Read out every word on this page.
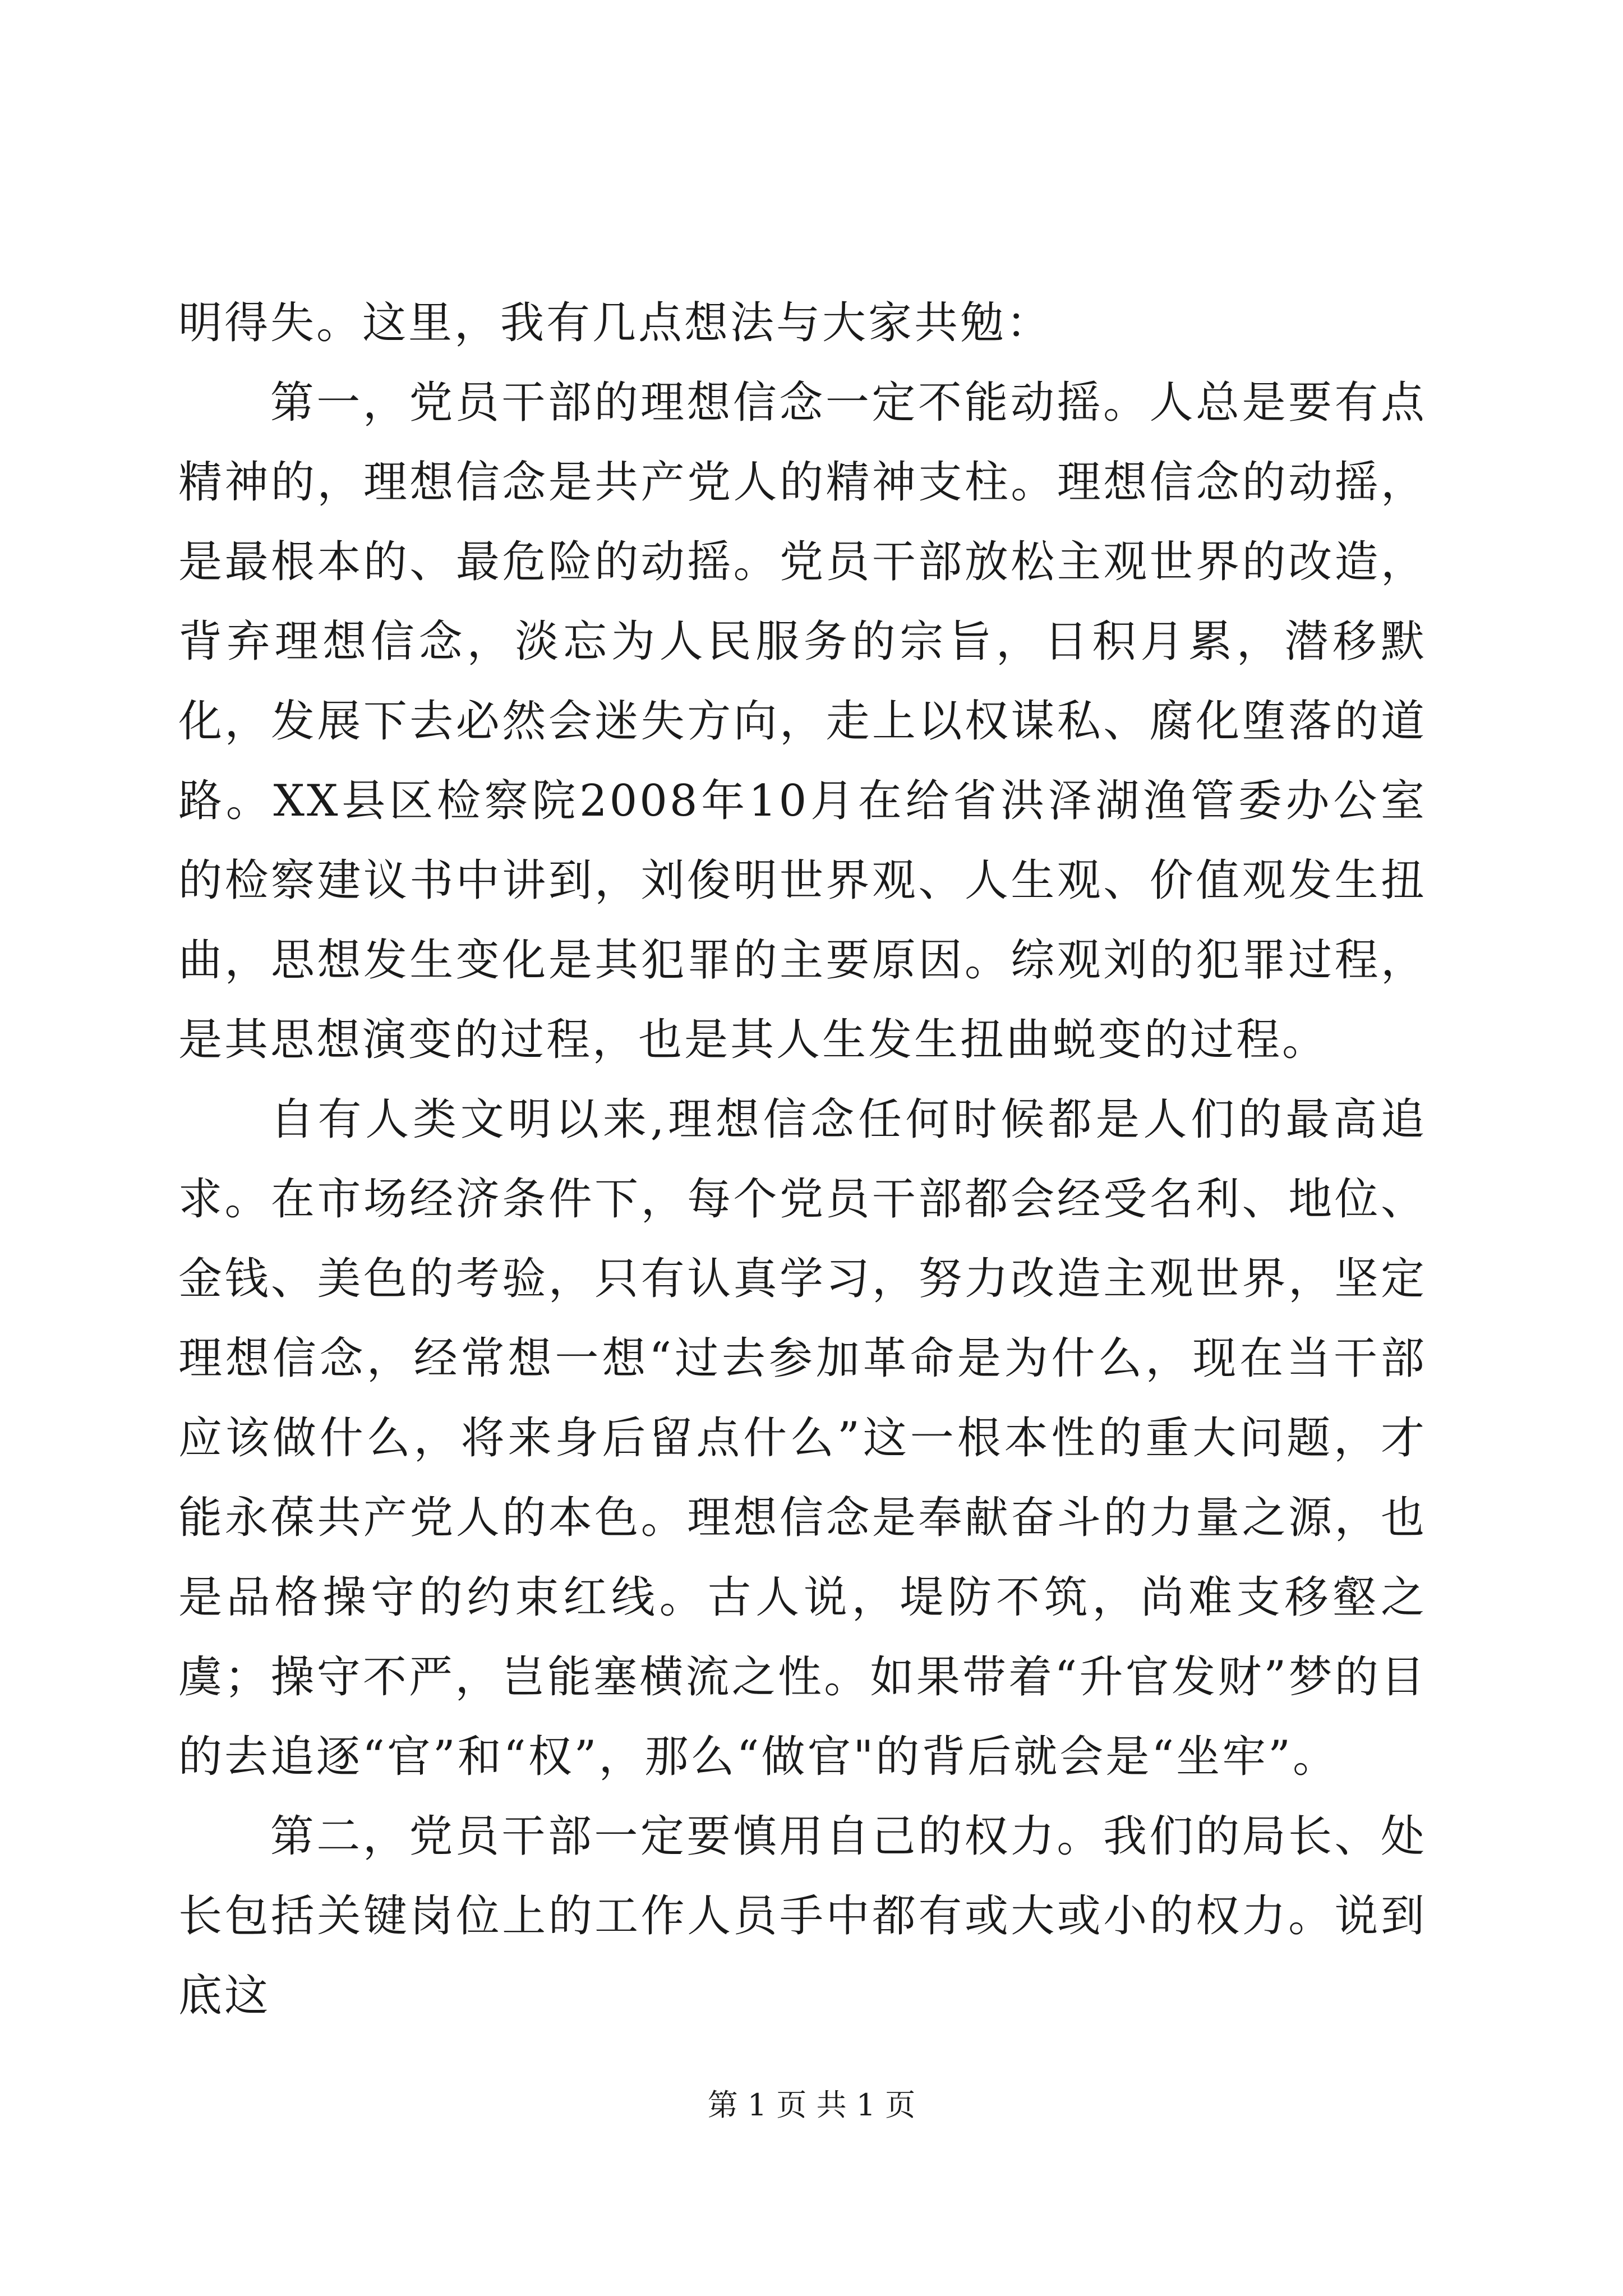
明得失。这里，我有几点想法与大家共勉：

第一，党员干部的理想信念一定不能动摇。人总是要有点精神的，理想信念是共产党人的精神支柱。理想信念的动摇，是最根本的、最危险的动摇。党员干部放松主观世界的改造，背弃理想信念，淡忘为人民服务的宗旨，日积月累，潜移默化，发展下去必然会迷失方向，走上以权谋私、腐化堕落的道路。XX县区检察院2008年10月在给省洪泽湖渔管委办公室的检察建议书中讲到，刘俊明世界观、人生观、价值观发生扭曲，思想发生变化是其犯罪的主要原因。综观刘的犯罪过程，是其思想演变的过程，也是其人生发生扭曲蜕变的过程。

自有人类文明以来,理想信念任何时候都是人们的最高追求。在市场经济条件下，每个党员干部都会经受名利、地位、金钱、美色的考验，只有认真学习，努力改造主观世界，坚定理想信念，经常想一想“过去参加革命是为什么，现在当干部应该做什么，将来身后留点什么”这一根本性的重大问题，才能永葆共产党人的本色。理想信念是奉献奋斗的力量之源，也是品格操守的约束红线。古人说，堤防不筑，尚难支移壑之虞；操守不严，岂能塞横流之性。如果带着“升官发财”梦的目的去追逐“官”和“权”，那么“做官"的背后就会是“坐牢”。

第二，党员干部一定要慎用自己的权力。我们的局长、处长包括关键岗位上的工作人员手中都有或大或小的权力。说到底这

第 1 页 共 1 页
